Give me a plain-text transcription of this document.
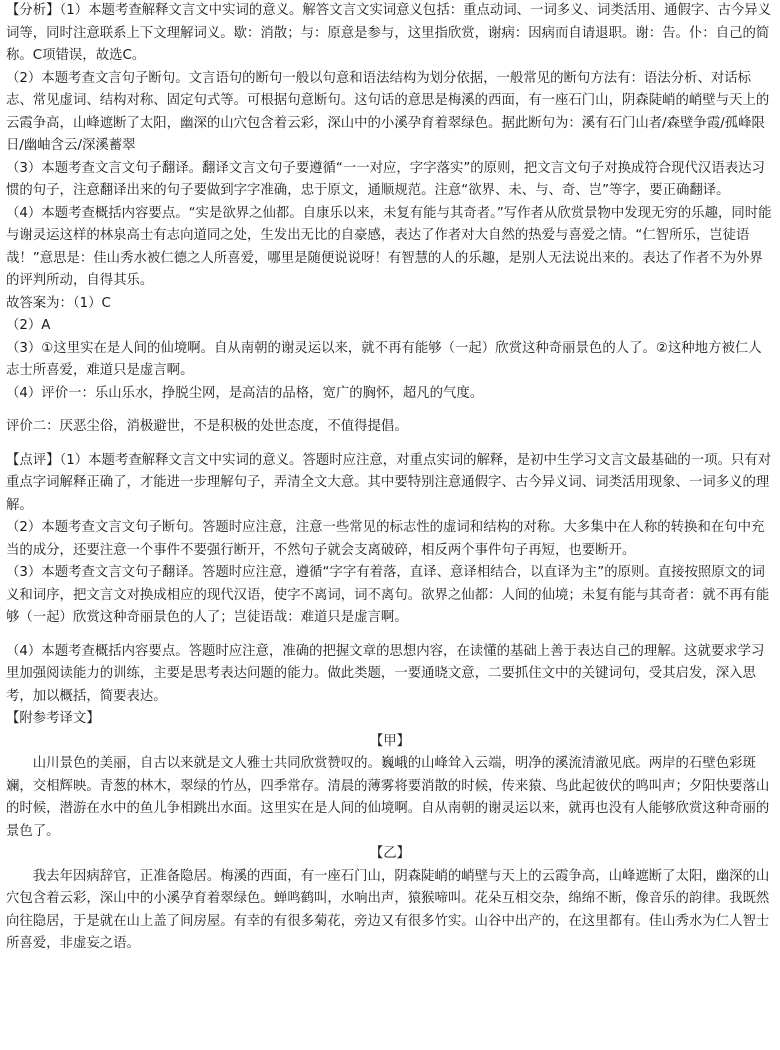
【分析】（1）本题考查解释文言文中实词的意义。解答文言文实词意义包括：重点动词、一词多义、词类活用、通假字、古今异义词等，同时注意联系上下文理解词义。歇：消散；与：原意是参与，这里指欣赏，谢病：因病而自请退职。谢：告。仆：自己的简称。C项错误，故选C。

（2）本题考查文言句子断句。文言语句的断句一般以句意和语法结构为划分依据，一般常见的断句方法有：语法分析、对话标志、常见虚词、结构对称、固定句式等。可根据句意断句。这句话的意思是梅溪的西面，有一座石门山，阴森陡峭的峭壁与天上的云霞争高，山峰遮断了太阳，幽深的山穴包含着云彩，深山中的小溪孕育着翠绿色。据此断句为：溪有石门山者/森壁争霞/孤峰限日/幽岫含云/深溪蓄翠

（3）本题考查文言文句子翻译。翻译文言文句子要遵循“一一对应，字字落实”的原则，把文言文句子对换成符合现代汉语表达习惯的句子，注意翻译出来的句子要做到字字准确，忠于原文，通顺规范。注意“欲界、未、与、奇、岂”等字，要正确翻译。

（4）本题考查概括内容要点。“实是欲界之仙都。自康乐以来，未复有能与其奇者。”写作者从欣赏景物中发现无穷的乐趣，同时能与谢灵运这样的林泉高士有志向道同之处，生发出无比的自豪感，表达了作者对大自然的热爱与喜爱之情。“仁智所乐，岂徒语哉！”意思是：佳山秀水被仁德之人所喜爱，哪里是随便说说呀！有智慧的人的乐趣，是别人无法说出来的。表达了作者不为外界的评判所动，自得其乐。

故答案为：（1）C

（2）A

（3）①这里实在是人间的仙境啊。自从南朝的谢灵运以来，就不再有能够（一起）欣赏这种奇丽景色的人了。②这种地方被仁人志士所喜爱，难道只是虚言啊。

（4）评价一：乐山乐水，挣脱尘网，是高洁的品格，宽广的胸怀，超凡的气度。

评价二：厌恶尘俗，消极避世，不是积极的处世态度，不值得提倡。

【点评】（1）本题考查解释文言文中实词的意义。答题时应注意，对重点实词的解释，是初中生学习文言文最基础的一项。只有对重点字词解释正确了，才能进一步理解句子，弄清全文大意。其中要特别注意通假字、古今异义词、词类活用现象、一词多义的理解。

（2）本题考查文言文句子断句。答题时应注意，注意一些常见的标志性的虚词和结构的对称。大多集中在人称的转换和在句中充当的成分，还要注意一个事件不要强行断开，不然句子就会支离破碎，相反两个事件句子再短，也要断开。

（3）本题考查文言文句子翻译。答题时应注意，遵循“字字有着落，直译、意译相结合，以直译为主”的原则。直接按照原文的词义和词序，把文言文对换成相应的现代汉语，使字不离词，词不离句。欲界之仙都：人间的仙境；未复有能与其奇者：就不再有能够（一起）欣赏这种奇丽景色的人了；岂徒语哉：难道只是虚言啊。

（4）本题考查概括内容要点。答题时应注意，准确的把握文章的思想内容，在读懂的基础上善于表达自己的理解。这就要求学习里加强阅读能力的训练，主要是思考表达问题的能力。做此类题，一要通晓文意，二要抓住文中的关键词句，受其启发，深入思考，加以概括，简要表达。

【附参考译文】

【甲】

山川景色的美丽，自古以来就是文人雅士共同欣赏赞叹的。巍峨的山峰耸入云端，明净的溪流清澈见底。两岸的石壁色彩斑斓，交相辉映。青葱的林木，翠绿的竹丛，四季常存。清晨的薄雾将要消散的时候，传来猿、鸟此起彼伏的鸣叫声；夕阳快要落山的时候，潜游在水中的鱼儿争相跳出水面。这里实在是人间的仙境啊。自从南朝的谢灵运以来，就再也没有人能够欣赏这种奇丽的景色了。

【乙】

我去年因病辞官，正准备隐居。梅溪的西面，有一座石门山，阴森陡峭的峭壁与天上的云霞争高，山峰遮断了太阳，幽深的山穴包含着云彩，深山中的小溪孕育着翠绿色。蝉鸣鹤叫，水响出声，猿猴啼叫。花朵互相交杂，绵绵不断，像音乐的韵律。我既然向往隐居，于是就在山上盖了间房屋。有幸的有很多菊花，旁边又有很多竹实。山谷中出产的，在这里都有。佳山秀水为仁人智士所喜爱，非虚妄之语。
